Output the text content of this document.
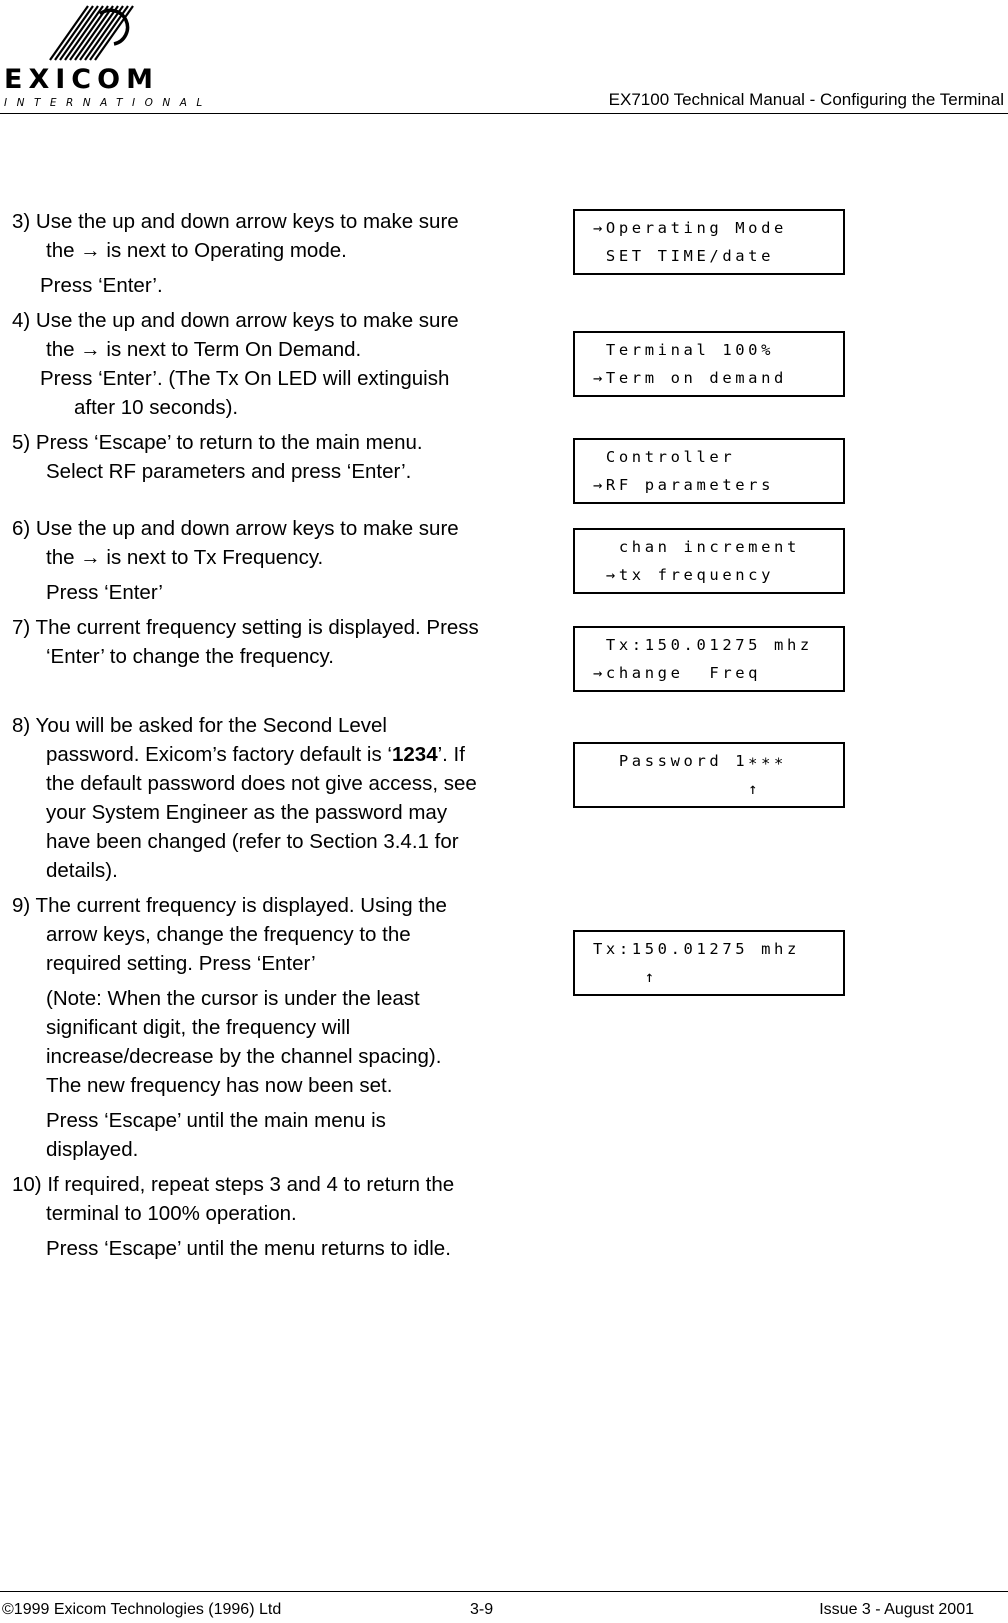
EXICOM
INTERNATIONAL	EX7100 Technical Manual - Configuring the Terminal

3) Use the up and down arrow keys to make sure the → is next to Operating mode.

Press ‘Enter’.

4) Use the up and down arrow keys to make sure the → is next to Term On Demand.

Press ‘Enter’. (The Tx On LED will extinguish after 10 seconds).

5) Press ‘Escape’ to return to the main menu. Select RF parameters and press ‘Enter’.

6) Use the up and down arrow keys to make sure the → is next to Tx Frequency.

Press ‘Enter’

7) The current frequency setting is displayed. Press ‘Enter’ to change the frequency.

8) You will be asked for the Second Level password. Exicom’s factory default is ‘1234’. If the default password does not give access, see your System Engineer as the password may have been changed (refer to Section 3.4.1 for details).

9) The current frequency is displayed. Using the arrow keys, change the frequency to the required setting. Press ‘Enter’

(Note: When the cursor is under the least significant digit, the frequency will increase/decrease by the channel spacing).

The new frequency has now been set.

Press ‘Escape’ until the main menu is displayed.

10) If required, repeat steps 3 and 4 to return the terminal to 100% operation.

Press ‘Escape’ until the menu returns to idle.

→Operating Mode

SET TIME/date

Terminal 100%

→Term on demand

Controller

→RF parameters

chan increment

→tx frequency

Tx:150.01275 mhz

→change  Freq

Password 1∗∗∗

↑

Tx:150.01275 mhz

↑

©1999 Exicom Technologies (1996) Ltd	3-9	Issue 3 - August 2001
